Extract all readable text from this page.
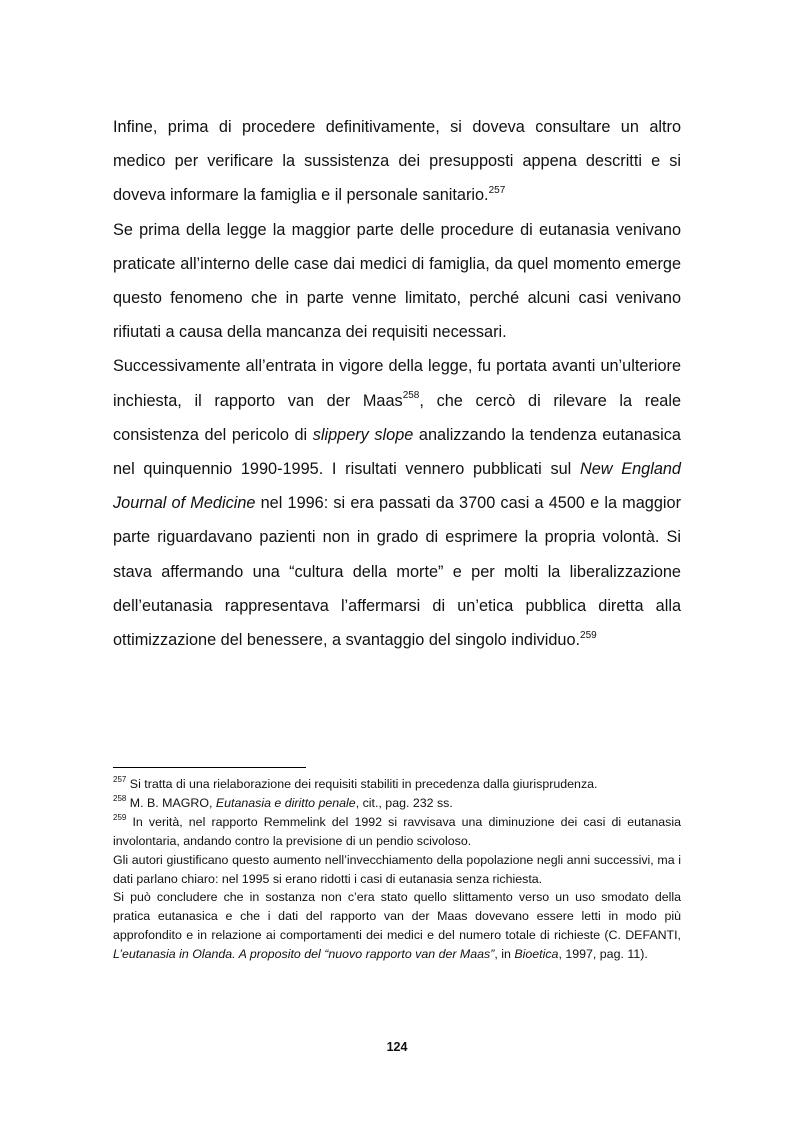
Infine, prima di procedere definitivamente, si doveva consultare un altro medico per verificare la sussistenza dei presupposti appena descritti e si doveva informare la famiglia e il personale sanitario.$^{257}$

Se prima della legge la maggior parte delle procedure di eutanasia venivano praticate all’interno delle case dai medici di famiglia, da quel momento emerge questo fenomeno che in parte venne limitato, perché alcuni casi venivano rifiutati a causa della mancanza dei requisiti necessari.

Successivamente all’entrata in vigore della legge, fu portata avanti un’ulteriore inchiesta, il rapporto van der Maas$^{258}$, che cercò di rilevare la reale consistenza del pericolo di slippery slope analizzando la tendenza eutanasica nel quinquennio 1990-1995. I risultati vennero pubblicati sul New England Journal of Medicine nel 1996: si era passati da 3700 casi a 4500 e la maggior parte riguardavano pazienti non in grado di esprimere la propria volontà. Si stava affermando una “cultura della morte” e per molti la liberalizzazione dell’eutanasia rappresentava l’affermarsi di un’etica pubblica diretta alla ottimizzazione del benessere, a svantaggio del singolo individuo.$^{259}$

$^{257}$ Si tratta di una rielaborazione dei requisiti stabiliti in precedenza dalla giurisprudenza.

$^{258}$ M. B. MAGRO, Eutanasia e diritto penale, cit., pag. 232 ss.

$^{259}$ In verità, nel rapporto Remmelink del 1992 si ravvisava una diminuzione dei casi di eutanasia involontaria, andando contro la previsione di un pendio scivoloso.

Gli autori giustificano questo aumento nell’invecchiamento della popolazione negli anni successivi, ma i dati parlano chiaro: nel 1995 si erano ridotti i casi di eutanasia senza richiesta.

Si può concludere che in sostanza non c’era stato quello slittamento verso un uso smodato della pratica eutanasica e che i dati del rapporto van der Maas dovevano essere letti in modo più approfondito e in relazione ai comportamenti dei medici e del numero totale di richieste (C. DEFANTI, L’eutanasia in Olanda. A proposito del “nuovo rapporto van der Maas”, in Bioetica, 1997, pag. 11).

124
